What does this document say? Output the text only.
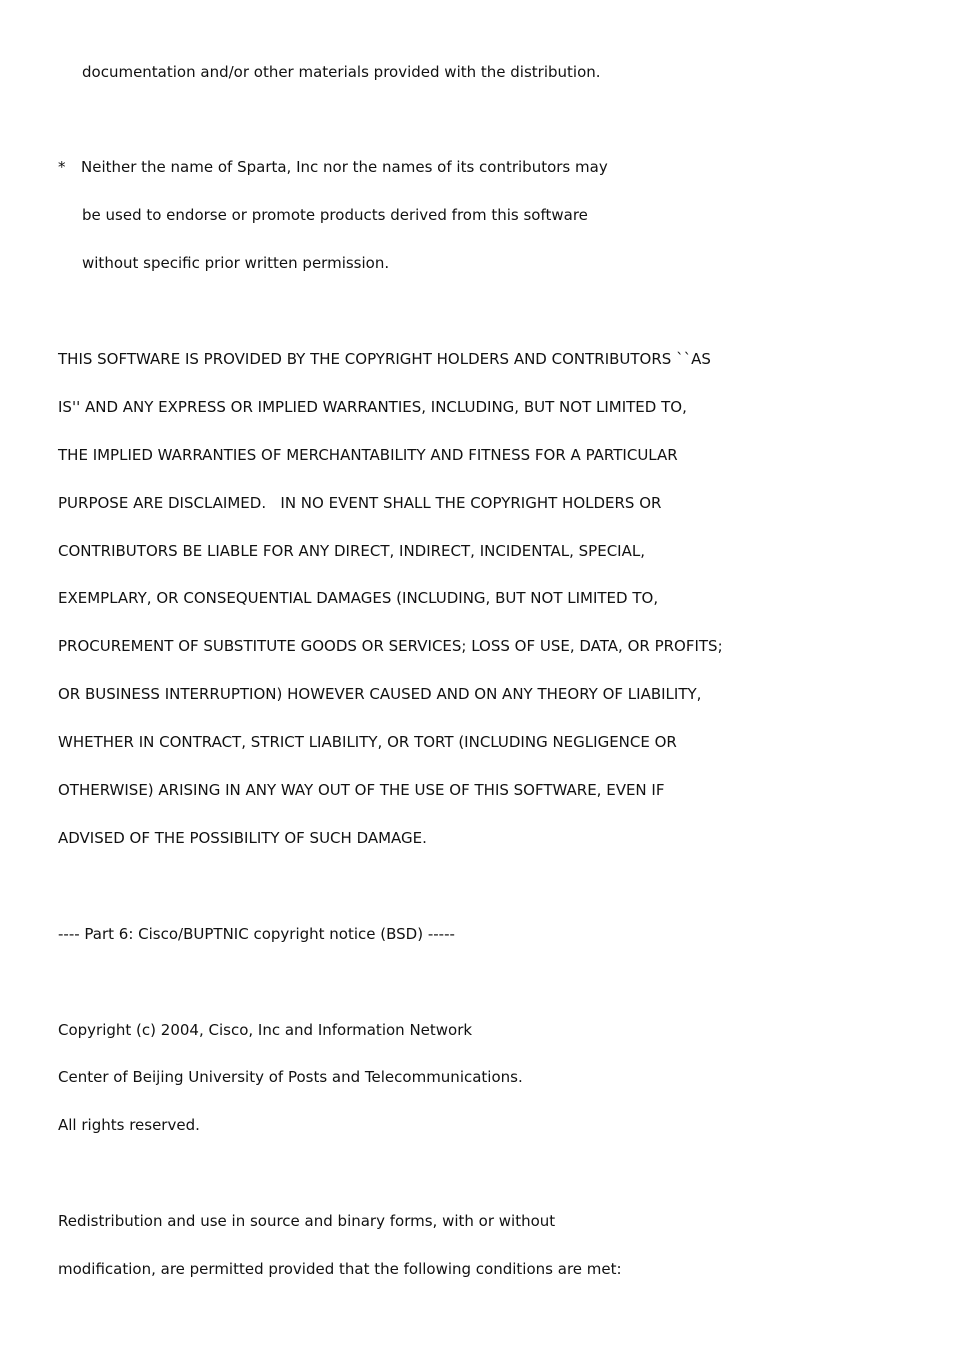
documentation and/or other materials provided with the distribution.

* Neither the name of Sparta, Inc nor the names of its contributors may

be used to endorse or promote products derived from this software

without specific prior written permission.

THIS SOFTWARE IS PROVIDED BY THE COPYRIGHT HOLDERS AND CONTRIBUTORS ``AS

IS'' AND ANY EXPRESS OR IMPLIED WARRANTIES, INCLUDING, BUT NOT LIMITED TO,

THE IMPLIED WARRANTIES OF MERCHANTABILITY AND FITNESS FOR A PARTICULAR

PURPOSE ARE DISCLAIMED.   IN NO EVENT SHALL THE COPYRIGHT HOLDERS OR

CONTRIBUTORS BE LIABLE FOR ANY DIRECT, INDIRECT, INCIDENTAL, SPECIAL,

EXEMPLARY, OR CONSEQUENTIAL DAMAGES (INCLUDING, BUT NOT LIMITED TO,

PROCUREMENT OF SUBSTITUTE GOODS OR SERVICES; LOSS OF USE, DATA, OR PROFITS;

OR BUSINESS INTERRUPTION) HOWEVER CAUSED AND ON ANY THEORY OF LIABILITY,

WHETHER IN CONTRACT, STRICT LIABILITY, OR TORT (INCLUDING NEGLIGENCE OR

OTHERWISE) ARISING IN ANY WAY OUT OF THE USE OF THIS SOFTWARE, EVEN IF

ADVISED OF THE POSSIBILITY OF SUCH DAMAGE.

---- Part 6: Cisco/BUPTNIC copyright notice (BSD) -----

Copyright (c) 2004, Cisco, Inc and Information Network

Center of Beijing University of Posts and Telecommunications.

All rights reserved.

Redistribution and use in source and binary forms, with or without

modification, are permitted provided that the following conditions are met:
